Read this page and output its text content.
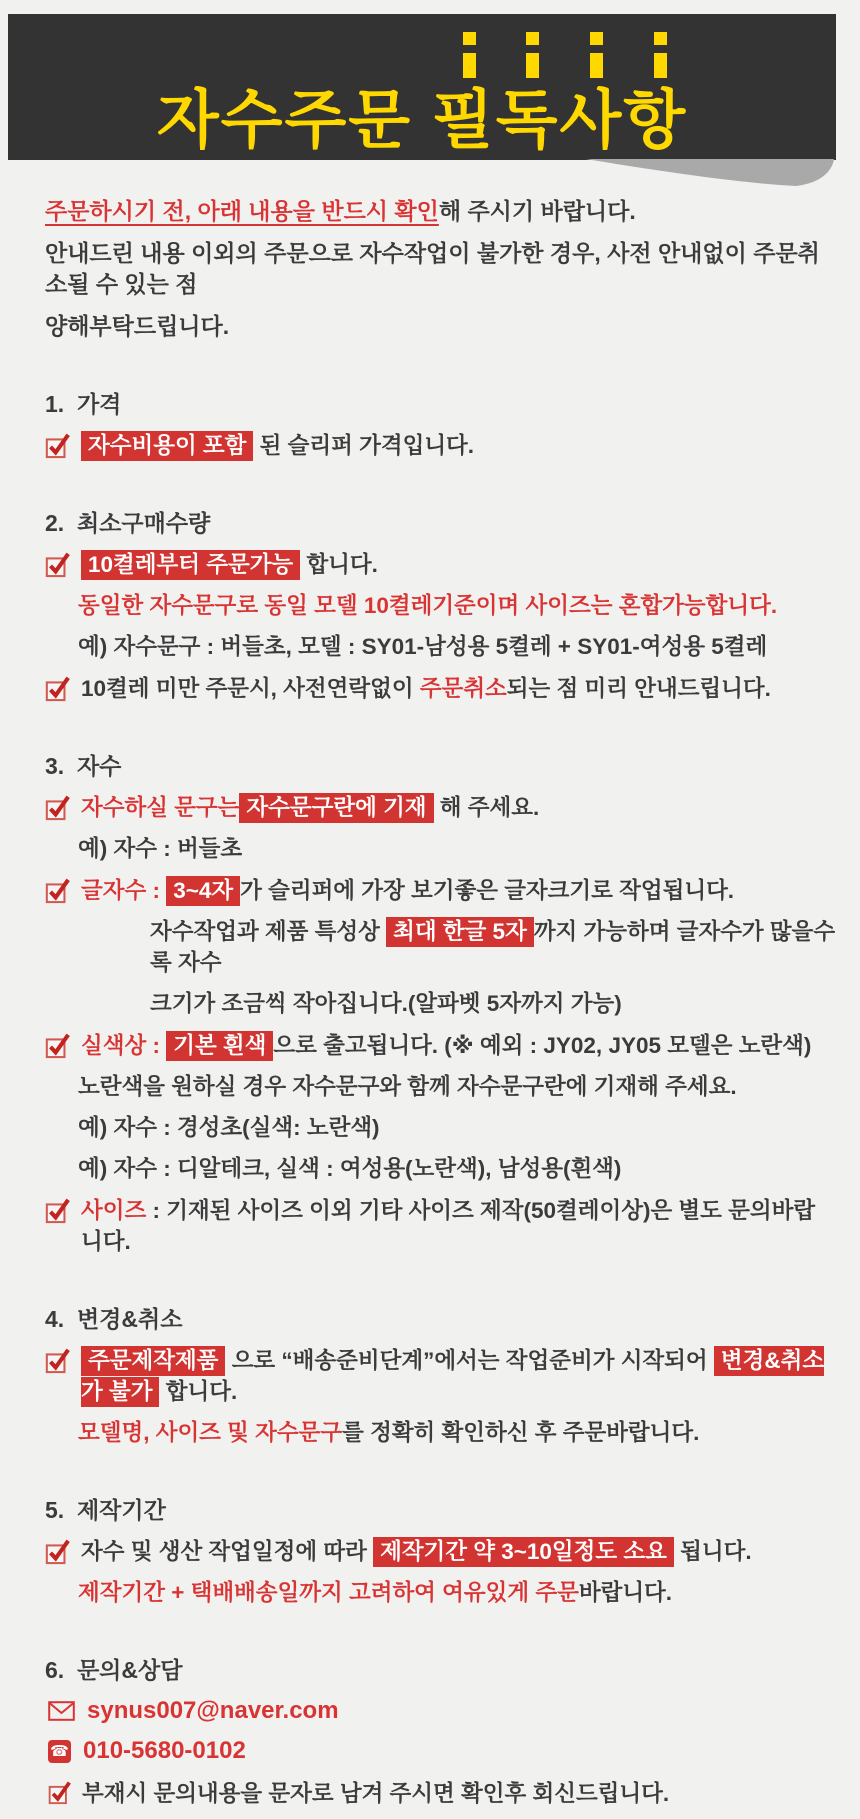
자수주문
필독사항

주문하시기 전, 아래 내용을 반드시 확인해 주시기 바랍니다.

안내드린 내용 이외의 주문으로 자수작업이 불가한 경우, 사전 안내없이 주문취소될 수 있는 점

양해부탁드립니다.

1.  가격

자수비용이 포함 된 슬리퍼 가격입니다.

2.  최소구매수량

10켤레부터 주문가능 합니다.

동일한 자수문구로 동일 모델 10켤레기준이며 사이즈는 혼합가능합니다.

예) 자수문구 : 버들초, 모델 : SY01-남성용 5켤레 + SY01-여성용 5켤레

10켤레 미만 주문시, 사전연락없이 주문취소되는 점 미리 안내드립니다.

3.  자수

자수하실 문구는 자수문구란에 기재 해 주세요.

예) 자수 : 버들초

글자수 : 3~4자 가 슬리퍼에 가장 보기좋은 글자크기로 작업됩니다.

자수작업과 제품 특성상 최대 한글 5자 까지 가능하며 글자수가 많을수록 자수

크기가 조금씩 작아집니다.(알파벳 5자까지 가능)

실색상 : 기본 흰색 으로 출고됩니다. (※ 예외 : JY02, JY05 모델은 노란색)

노란색을 원하실 경우 자수문구와 함께 자수문구란에 기재해 주세요.

예) 자수 : 경성초(실색: 노란색)

예) 자수 : 디알테크, 실색 : 여성용(노란색), 남성용(흰색)

사이즈 : 기재된 사이즈 이외 기타 사이즈 제작(50켤레이상)은 별도 문의바랍니다.

4.  변경&취소

주문제작제품 으로 “배송준비단계”에서는 작업준비가 시작되어 변경&취소가 불가 합니다.

모델명, 사이즈 및 자수문구를 정확히 확인하신 후 주문바랍니다.

5.  제작기간

자수 및 생산 작업일정에 따라 제작기간 약 3~10일정도 소요 됩니다.

제작기간 + 택배배송일까지 고려하여 여유있게 주문바랍니다.

6.  문의&상담

synus007@naver.com
☎ 010-5680-0102
부재시 문의내용을 문자로 남겨 주시면 확인후 회신드립니다.
